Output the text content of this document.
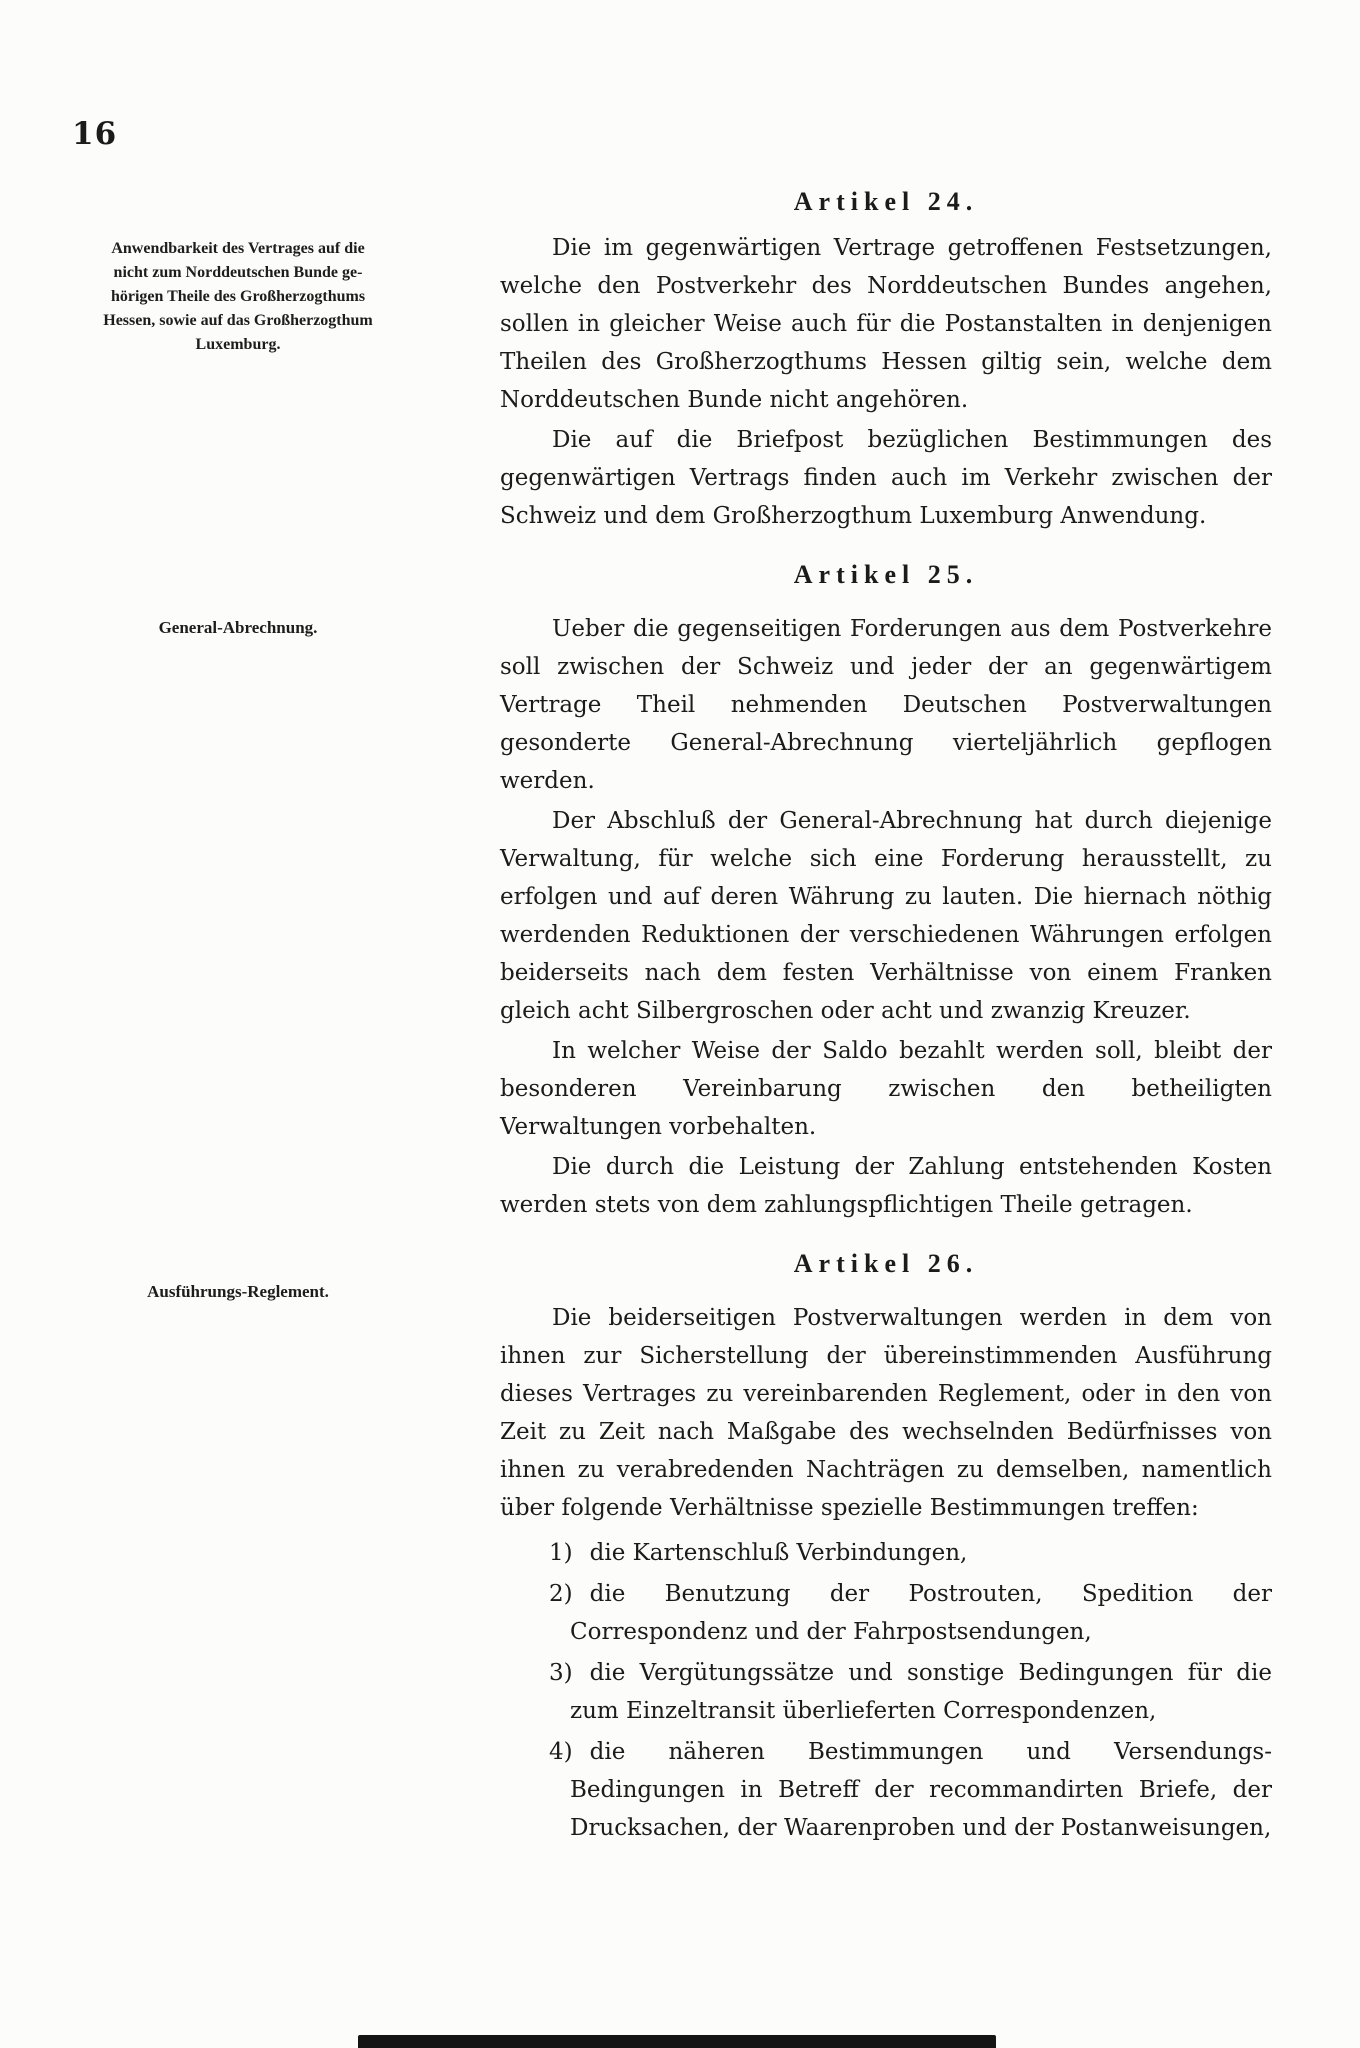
16
Anwendbarkeit des Vertrages auf die
nicht zum Norddeutschen Bunde ge-
hörigen Theile des Großherzogthums
Hessen, sowie auf das Großherzogthum
Luxemburg.
General-Abrechnung.
Ausführungs-Reglement.
Artikel 24.

Die im gegenwärtigen Vertrage getroffenen Festsetzungen, welche den Postverkehr des Norddeutschen Bundes angehen, sollen in gleicher Weise auch für die Postanstalten in denjenigen Theilen des Großherzogthums Hessen giltig sein, welche dem Norddeutschen Bunde nicht angehören.

Die auf die Briefpost bezüglichen Bestimmungen des gegenwärtigen Vertrags finden auch im Verkehr zwischen der Schweiz und dem Großherzogthum Luxemburg Anwendung.

Artikel 25.

Ueber die gegenseitigen Forderungen aus dem Postverkehre soll zwischen der Schweiz und jeder der an gegenwärtigem Vertrage Theil nehmenden Deutschen Postverwaltungen gesonderte General-Abrechnung vierteljährlich gepflogen werden.

Der Abschluß der General-Abrechnung hat durch diejenige Verwaltung, für welche sich eine Forderung herausstellt, zu erfolgen und auf deren Währung zu lauten. Die hiernach nöthig werdenden Reduktionen der verschiedenen Währungen erfolgen beiderseits nach dem festen Verhältnisse von einem Franken gleich acht Silbergroschen oder acht und zwanzig Kreuzer.

In welcher Weise der Saldo bezahlt werden soll, bleibt der besonderen Vereinbarung zwischen den betheiligten Verwaltungen vorbehalten.

Die durch die Leistung der Zahlung entstehenden Kosten werden stets von dem zahlungspflichtigen Theile getragen.

Artikel 26.

Die beiderseitigen Postverwaltungen werden in dem von ihnen zur Sicherstellung der übereinstimmenden Ausführung dieses Vertrages zu vereinbarenden Reglement, oder in den von Zeit zu Zeit nach Maßgabe des wechselnden Bedürfnisses von ihnen zu verabredenden Nachträgen zu demselben, namentlich über folgende Verhältnisse spezielle Bestimmungen treffen:

1) die Kartenschluß Verbindungen,
2) die Benutzung der Postrouten, Spedition der Correspondenz und der Fahrpostsendungen,
3) die Vergütungssätze und sonstige Bedingungen für die zum Einzeltransit überlieferten Correspondenzen,
4) die näheren Bestimmungen und Versendungs-Bedingungen in Betreff der recommandirten Briefe, der Drucksachen, der Waarenproben und der Postanweisungen,
